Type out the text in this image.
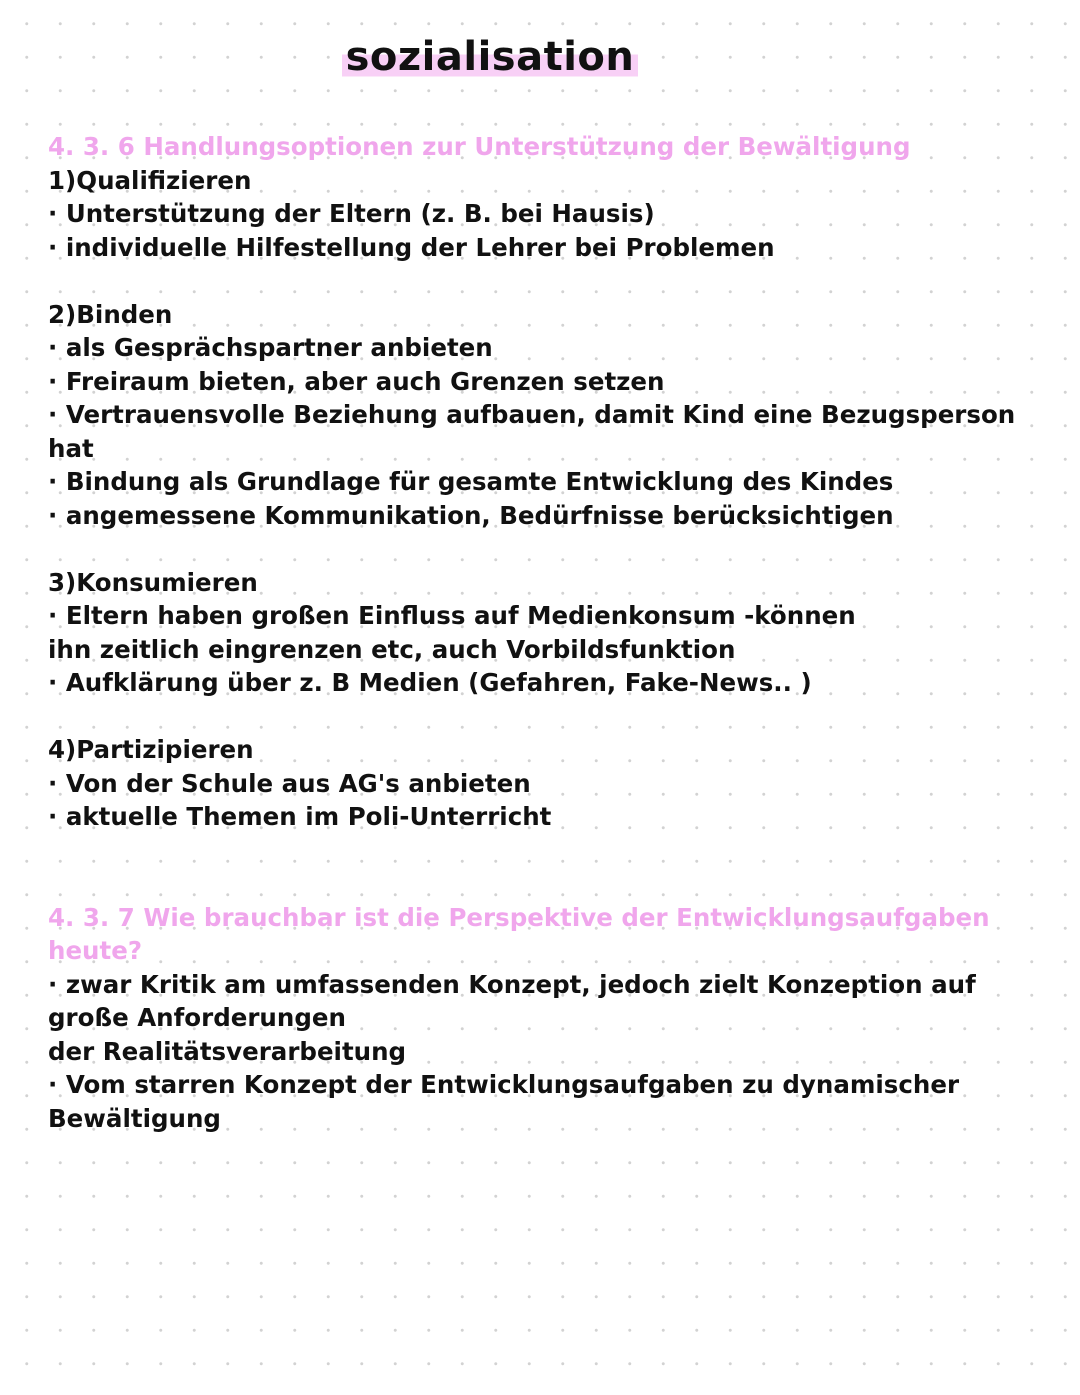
sozialisation

4. 3. 6 Handlungsoptionen zur Unterstützung der Bewältigung

1)Qualifizieren

· Unterstützung der Eltern (z. B. bei Hausis)

· individuelle Hilfestellung der Lehrer bei Problemen

2)Binden

· als Gesprächspartner anbieten

· Freiraum bieten, aber auch Grenzen setzen

· Vertrauensvolle Beziehung aufbauen, damit Kind eine Bezugsperson

hat

· Bindung als Grundlage für gesamte Entwicklung des Kindes

· angemessene Kommunikation, Bedürfnisse berücksichtigen

3)Konsumieren

· Eltern haben großen Einfluss auf Medienkonsum -können

ihn zeitlich eingrenzen etc, auch Vorbildsfunktion

· Aufklärung über z. B Medien (Gefahren, Fake-News.. )

4)Partizipieren

· Von der Schule aus AG's anbieten

· aktuelle Themen im Poli-Unterricht

4. 3. 7 Wie brauchbar ist die Perspektive der Entwicklungsaufgaben

heute?

· zwar Kritik am umfassenden Konzept, jedoch zielt Konzeption auf

große Anforderungen

der Realitätsverarbeitung

· Vom starren Konzept der Entwicklungsaufgaben zu dynamischer

Bewältigung
